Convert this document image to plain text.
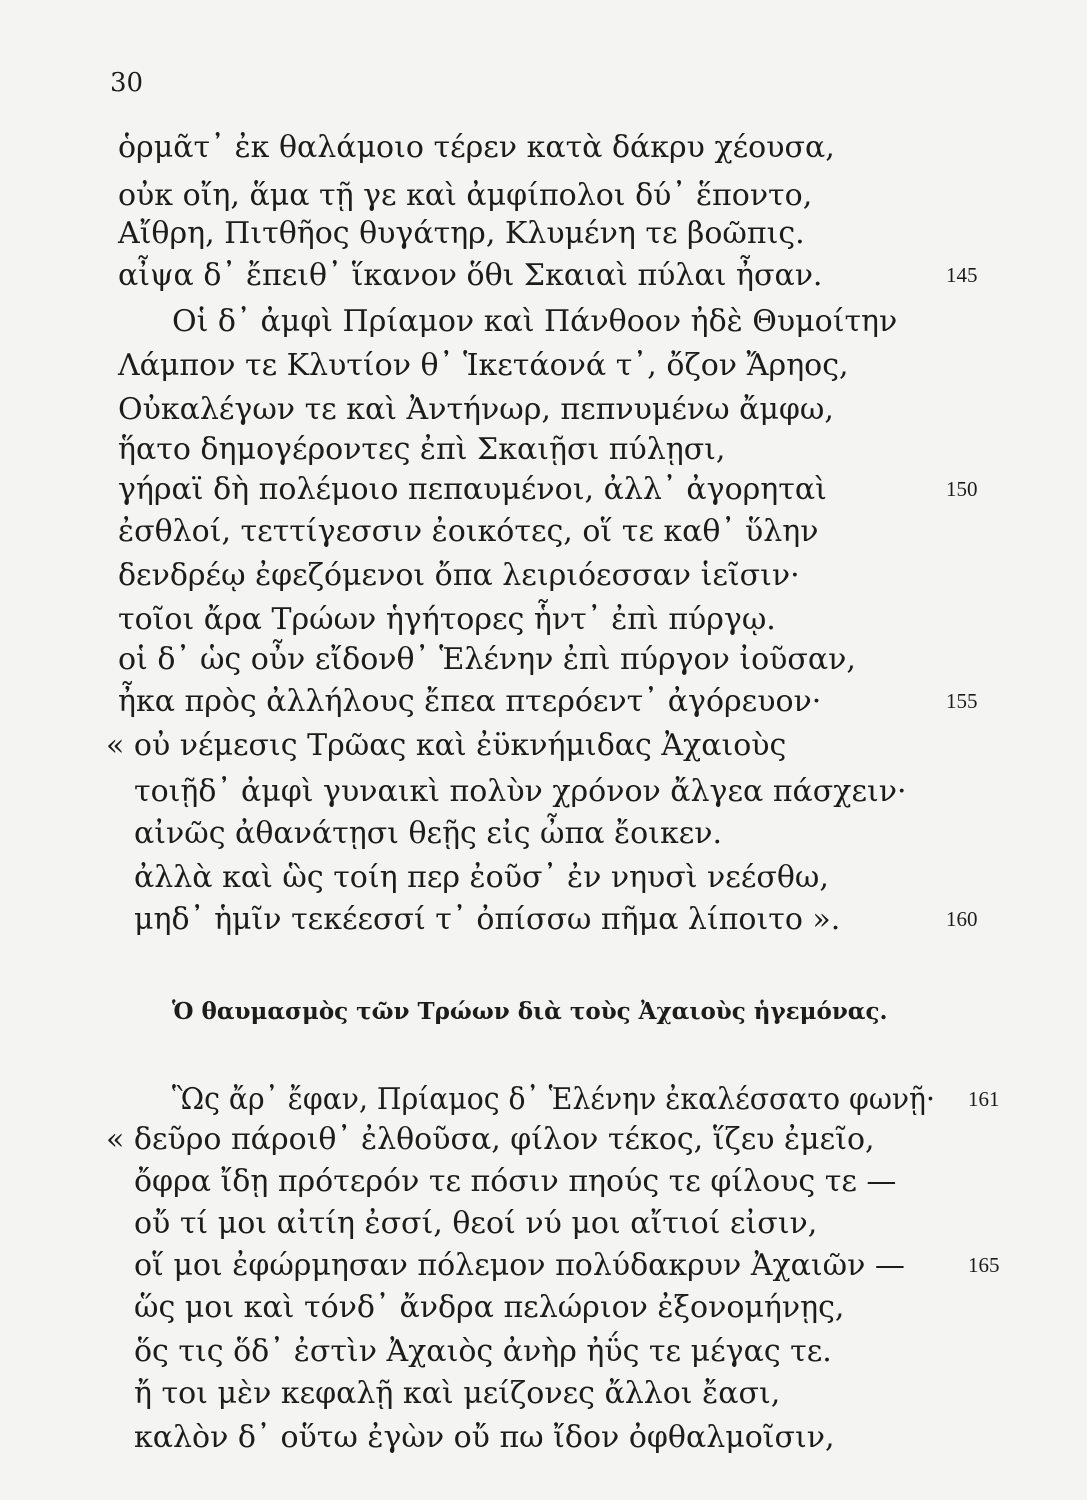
30
ὁρμᾶτ᾽ ἐκ θαλάμοιο τέρεν κατὰ δάκρυ χέουσα,
οὐκ οἴη, ἅμα τῇ γε καὶ ἀμφίπολοι δύ᾽ ἕποντο,
Αἴθρη, Πιτθῆος θυγάτηρ, Κλυμένη τε βοῶπις.
αἶψα δ᾽ ἔπειθ᾽ ἵκανον ὅθι Σκαιαὶ πύλαι ἦσαν.	145
Οἱ δ᾽ ἀμφὶ Πρίαμον καὶ Πάνθοον ἠδὲ Θυμοίτην
Λάμπον τε Κλυτίον θ᾽ Ἱκετάονά τ᾽, ὄζον Ἄρηος,
Οὐκαλέγων τε καὶ Ἀντήνωρ, πεπνυμένω ἄμφω,
ἥατο δημογέροντες ἐπὶ Σκαιῇσι πύλῃσι,
γήραϊ δὴ πολέμοιο πεπαυμένοι, ἀλλ᾽ ἀγορηταὶ	150
ἐσθλοί, τεττίγεσσιν ἐοικότες, οἵ τε καθ᾽ ὕλην
δενδρέῳ ἐφεζόμενοι ὄπα λειριόεσσαν ἱεῖσιν·
τοῖοι ἄρα Τρώων ἡγήτορες ἧντ᾽ ἐπὶ πύργῳ.
οἱ δ᾽ ὡς οὖν εἴδονθ᾽ Ἑλένην ἐπὶ πύργον ἰοῦσαν,
ἦκα πρὸς ἀλλήλους ἔπεα πτερόεντ᾽ ἀγόρευον·	155
« οὐ νέμεσις Τρῶας καὶ ἐϋκνήμιδας Ἀχαιοὺς
τοιῇδ᾽ ἀμφὶ γυναικὶ πολὺν χρόνον ἄλγεα πάσχειν·
αἰνῶς ἀθανάτῃσι θεῇς εἰς ὦπα ἔοικεν.
ἀλλὰ καὶ ὣς τοίη περ ἐοῦσ᾽ ἐν νηυσὶ νεέσθω,
μηδ᾽ ἡμῖν τεκέεσσί τ᾽ ὀπίσσω πῆμα λίποιτο ».	160
Ὁ θαυμασμὸς τῶν Τρώων διὰ τοὺς Ἀχαιοὺς ἡγεμόνας.
Ὣς ἄρ᾽ ἔφαν, Πρίαμος δ᾽ Ἑλένην ἐκαλέσσατο φωνῇ· 161
« δεῦρο πάροιθ᾽ ἐλθοῦσα, φίλον τέκος, ἵζευ ἐμεῖο,
ὄφρα ἴδῃ πρότερόν τε πόσιν πηούς τε φίλους τε —
οὔ τί μοι αἰτίη ἐσσί, θεοί νύ μοι αἴτιοί εἰσιν,
οἵ μοι ἐφώρμησαν πόλεμον πολύδακρυν Ἀχαιῶν —	165
ὥς μοι καὶ τόνδ᾽ ἄνδρα πελώριον ἐξονομήνῃς,
ὅς τις ὅδ᾽ ἐστὶν Ἀχαιὸς ἀνὴρ ἠΰς τε μέγας τε.
ἤ τοι μὲν κεφαλῇ καὶ μείζονες ἄλλοι ἔασι,
καλὸν δ᾽ οὕτω ἐγὼν οὔ πω ἴδον ὀφθαλμοῖσιν,
